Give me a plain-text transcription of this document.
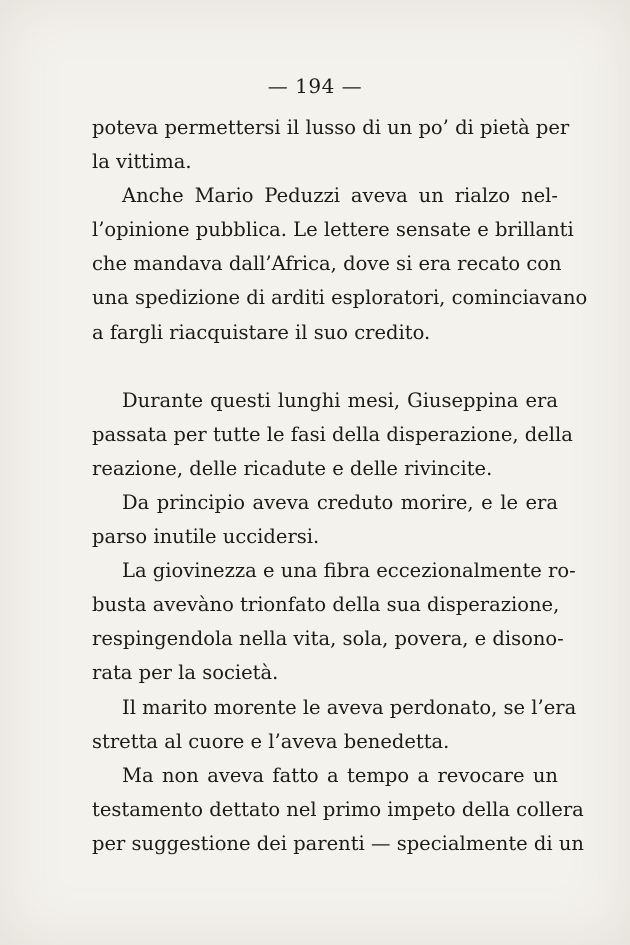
— 194 —
poteva permettersi il lusso di un po’ di pietà per
la vittima.
Anche Mario Peduzzi aveva un rialzo nel-
l’opinione pubblica. Le lettere sensate e brillanti
che mandava dall’Africa, dove si era recato con
una spedizione di arditi esploratori, cominciavano
a fargli riacquistare il suo credito.
Durante questi lunghi mesi, Giuseppina era
passata per tutte le fasi della disperazione, della
reazione, delle ricadute e delle rivincite.
Da principio aveva creduto morire, e le era
parso inutile uccidersi.
La giovinezza e una fibra eccezionalmente ro-
busta avevàno trionfato della sua disperazione,
respingendola nella vita, sola, povera, e disono-
rata per la società.
Il marito morente le aveva perdonato, se l’era
stretta al cuore e l’aveva benedetta.
Ma non aveva fatto a tempo a revocare un
testamento dettato nel primo impeto della collera
per suggestione dei parenti — specialmente di un
